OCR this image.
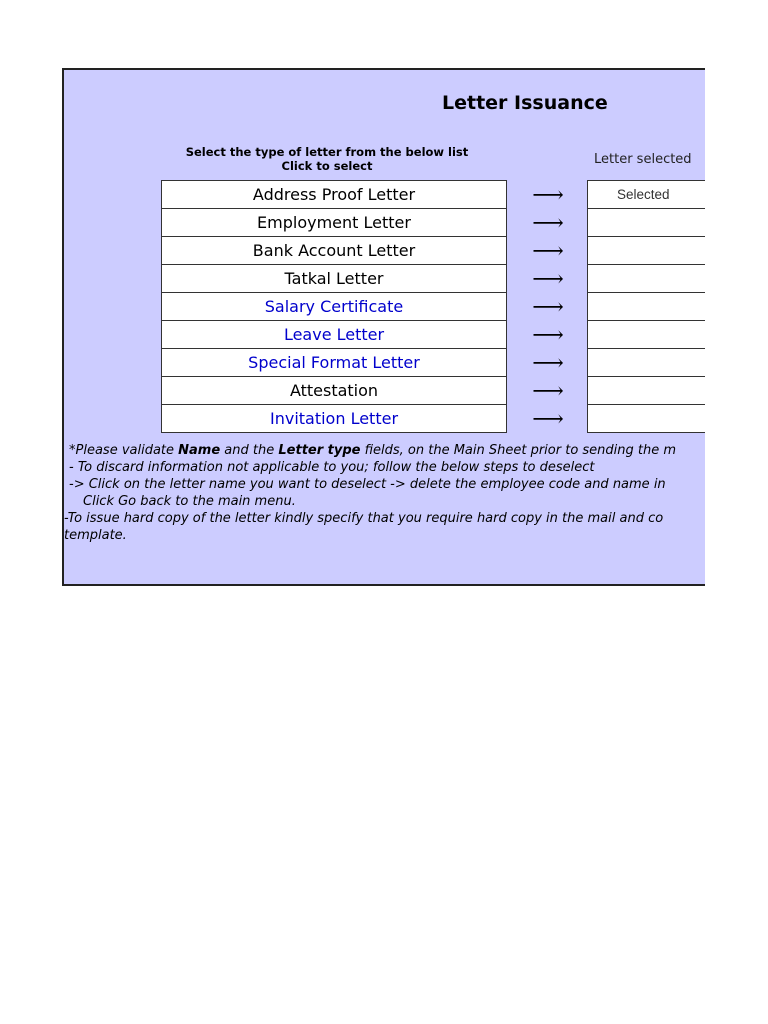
Letter Issuance
Select the type of letter from the below list
Click to select	Letter selected
Address Proof Letter
Employment Letter
Bank Account Letter
Tatkal Letter
Salary Certificate
Leave Letter
Special Format Letter
Attestation
Invitation Letter
⟶
⟶
⟶
⟶
⟶
⟶
⟶
⟶
⟶
Selected
*Please validate Name and the Letter type fields, on the Main Sheet prior to sending the m
- To discard information not applicable to you; follow the below steps to deselect
-> Click on the letter name you want to deselect -> delete the employee code and name in
Click Go back to the main menu.
-To issue hard copy of the letter kindly specify that you require hard copy in the mail and co
template.
